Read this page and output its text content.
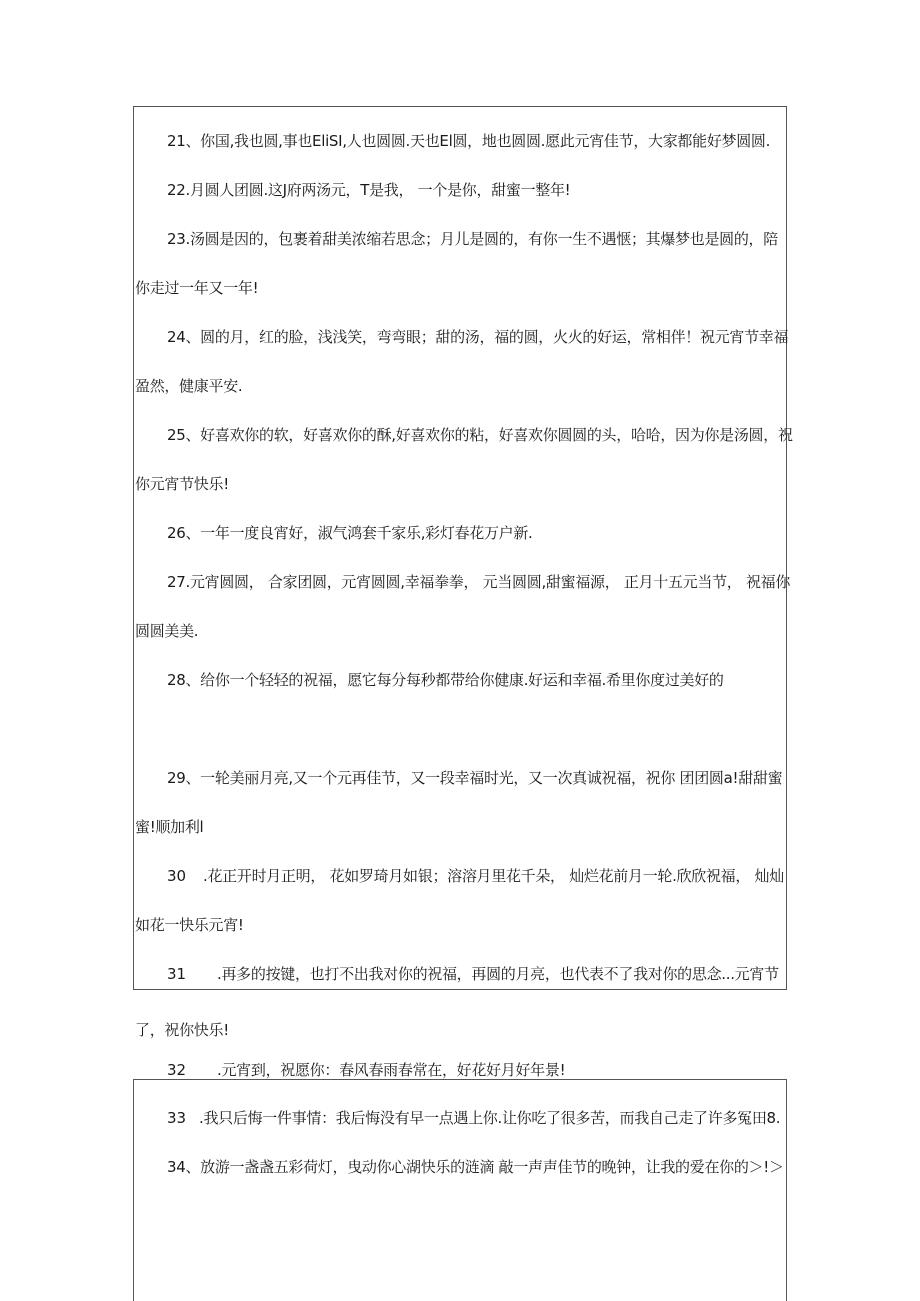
21、你国,我也圆,事也EliSI,人也圆圆.天也El圆，地也圆圆.愿此元宵佳节，大家都能好梦圆圆.
22.月圆人团圆.这J府两汤元，T是我， 一个是你，甜蜜一整年!
23.汤圆是因的，包裹着甜美浓缩若思念；月儿是圆的，有你一生不遇惬；其爆梦也是圆的，陪
你走过一年又一年!
24、圆的月，红的脸，浅浅笑，弯弯眼；甜的汤，福的圆，火火的好运，常相伴！祝元宵节幸福
盈然，健康平安.
25、好喜欢你的软，好喜欢你的酥,好喜欢你的粘，好喜欢你圆圆的头，哈哈，因为你是汤圆，祝
你元宵节快乐!
26、一年一度良宵好，淑气鸿套千家乐,彩灯春花万户新.
27.元宵圆圆， 合家团圆，元宵圆圆,幸福拳拳， 元当圆圆,甜蜜福源， 正月十五元当节， 祝福你
圆圆美美.
28、给你一个轻轻的祝福，愿它每分每秒都带给你健康.好运和幸福.希里你度过美好的
29、一轮美丽月亮,又一个元再佳节，又一段幸福时光，又一次真诚祝福，祝你 团团圆a!甜甜蜜
蜜!顺加利l
30 .花正开时月正明， 花如罗琦月如银；溶溶月里花千朵， 灿烂花前月一轮.欣欣祝福， 灿灿
如花一快乐元宵!
31 .再多的按键，也打不出我对你的祝福，再圆的月亮，也代表不了我对你的思念...元宵节
了，祝你快乐!
32 .元宵到，祝愿你：春风春雨春常在，好花好月好年景!
33 .我只后悔一件事情：我后悔没有早一点遇上你.让你吃了很多苦，而我自己走了许多冤田8.
34、放游一盏盏五彩荷灯，曳动你心湖快乐的涟滴 敲一声声佳节的晚钟，让我的爱在你的＞!＞
